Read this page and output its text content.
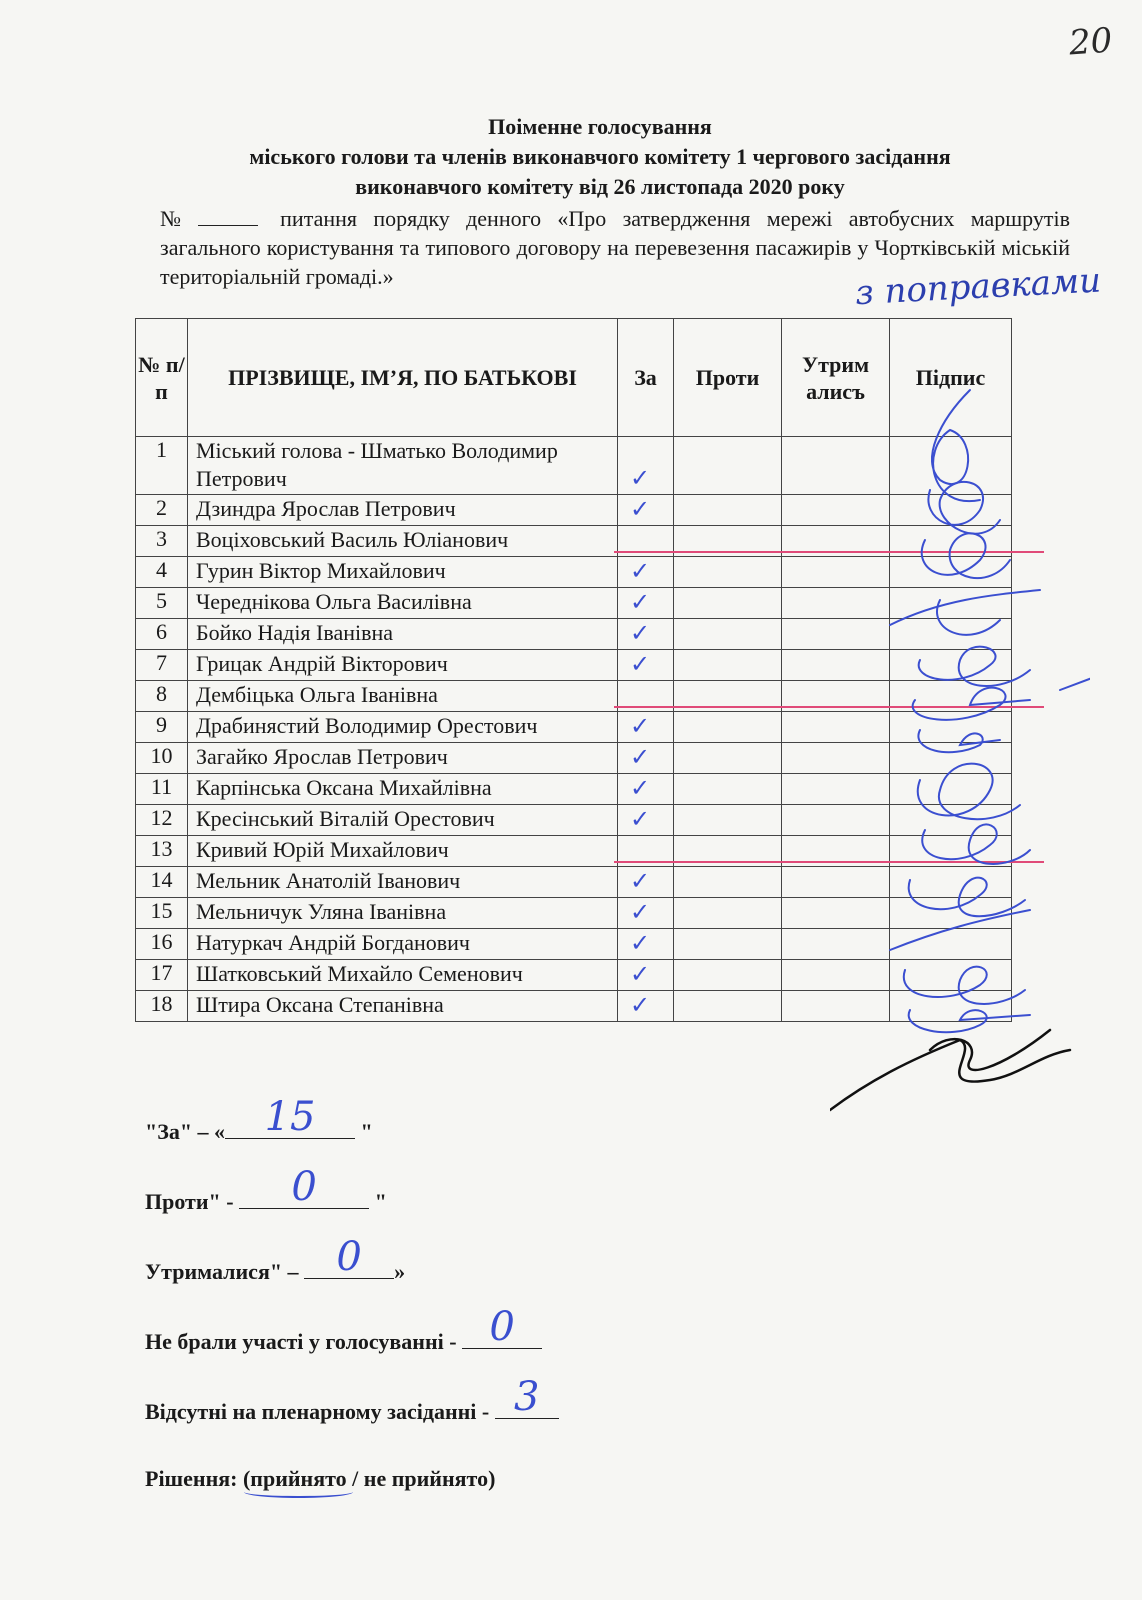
20
Поіменне голосування
міського голови та членів виконавчого комітету 1 чергового засідання
виконавчого комітету від 26 листопада 2020 року
№	питання порядку денного «Про затвердження мережі автобусних маршрутів загального користування та типового договору на перевезення пасажирів у Чортківській міській територіальній громаді.»	з поправками
№ п/п	ПРІЗВИЩЕ, ІМ’Я, ПО БАТЬКОВІ	За	Проти	Утрим алисъ	Підпис
1	Міський голова - Шматько Володимир Петрович	✓			

2	Дзиндра Ярослав Петрович	✓			

3	Воціховський Василь Юліанович				
4	Гурин Віктор Михайлович	✓			

5	Череднікова Ольга Василівна	✓			

6	Бойко Надія Іванівна	✓			

7	Грицак Андрій Вікторович	✓			

8	Дембіцька Ольга Іванівна				
9	Драбинястий Володимир Орестович	✓			

10	Загайко Ярослав Петрович	✓			

11	Карпінська Оксана Михайлівна	✓			

12	Кресінський Віталій Орестович	✓			

13	Кривий Юрій Михайлович				
14	Мельник Анатолій Іванович	✓			

15	Мельничук Уляна Іванівна	✓			

16	Натуркач Андрій Богданович	✓			

17	Шатковський Михайло Семенович	✓			

18	Штира Оксана Степанівна	✓			

"За" – « 15	"
Проти" -	0	"
Утрималися" – 0	»
Не брали участі у голосуванні - 0
Відсутні на пленарному засіданні - 3
Рішення: (прийнято / не прийнято)
